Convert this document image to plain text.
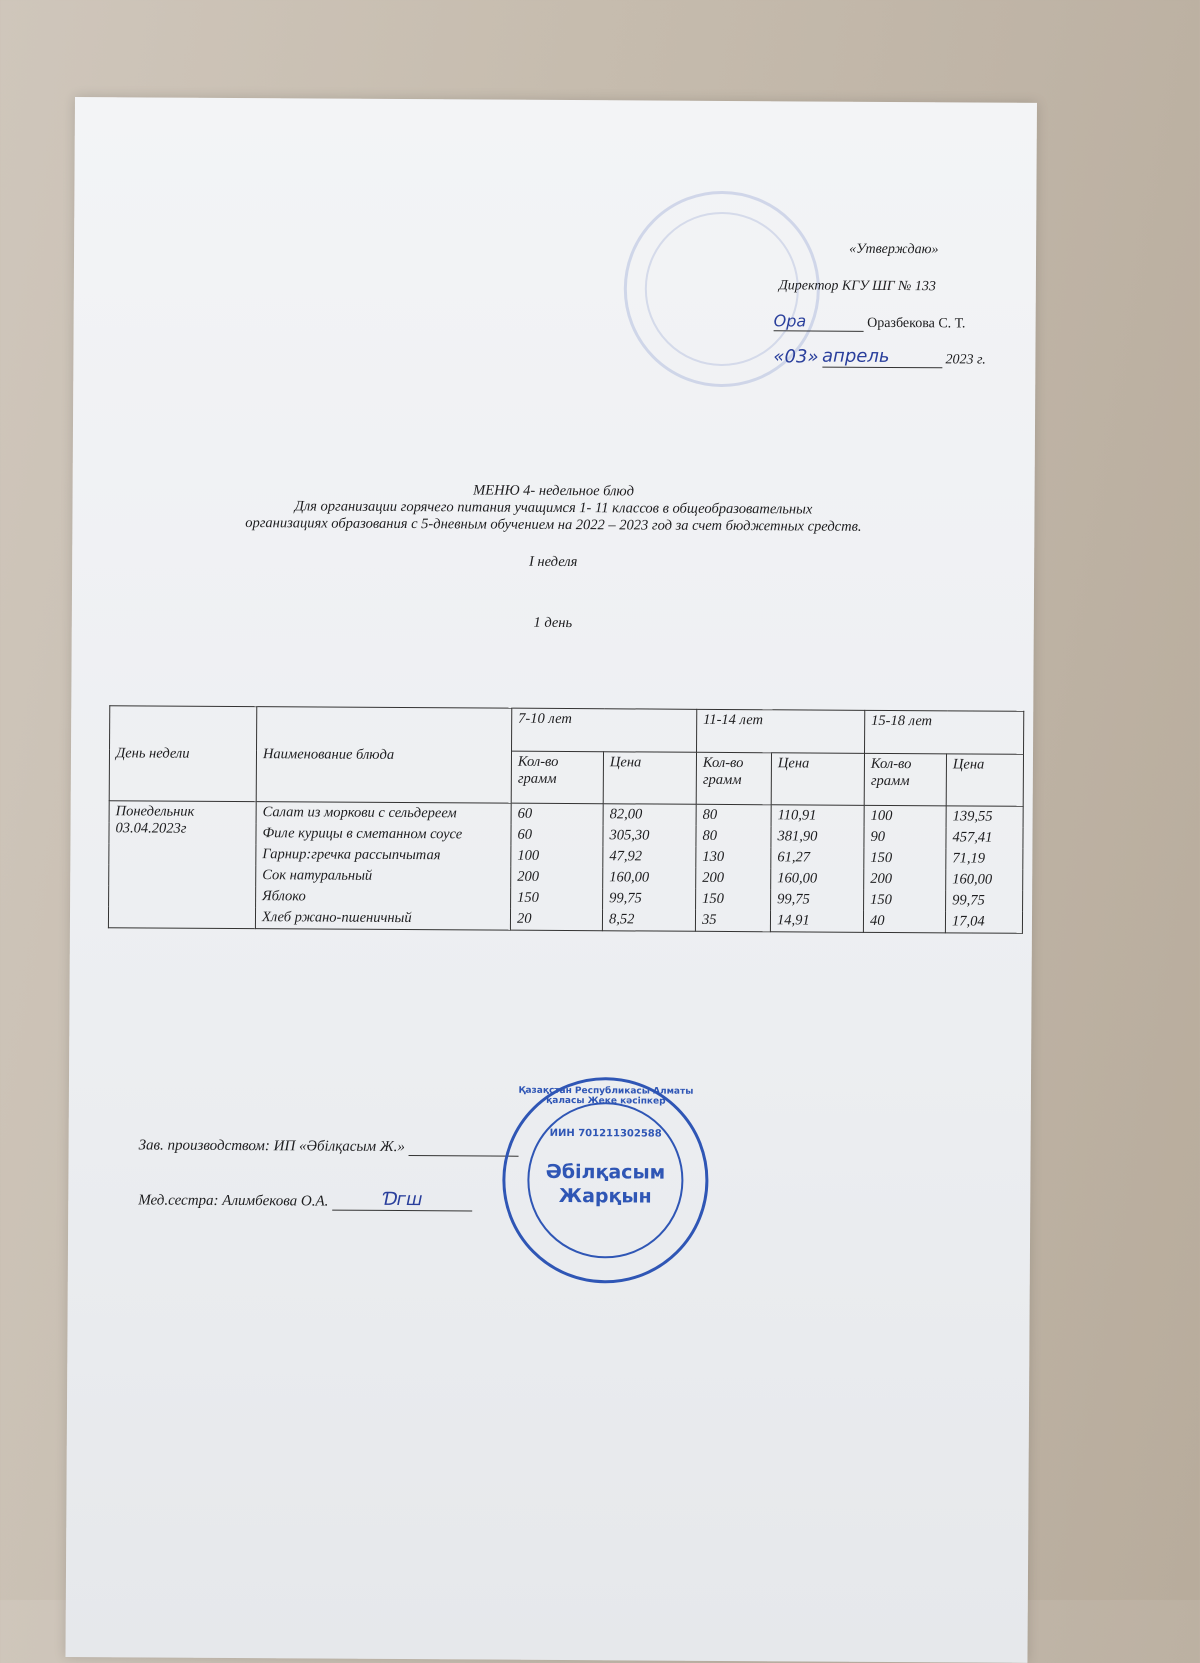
«Утверждаю»
Директор КГУ ШГ № 133
Ора	Оразбекова С. Т.
«03» апрель	2023 г.
МЕНЮ 4- недельное блюд
Для организации горячего питания учащимся 1- 11 классов в общеобразовательных
организациях образования с 5-дневным обучением на 2022 – 2023 год за счет бюджетных средств.
I неделя
1 день
День недели	Наименование блюда	7-10 лет		11-14 лет		15-18 лет	
		Кол-во грамм	Цена	Кол-во грамм	Цена	Кол-во грамм	Цена
Понедельник 03.04.2023г	Салат из моркови с сельдереем	60	82,00	80	110,91	100	139,55
	Филе курицы в сметанном соусе	60	305,30	80	381,90	90	457,41
	Гарнир:гречка рассыпчытая	100	47,92	130	61,27	150	71,19
	Сок натуральный	200	160,00	200	160,00	200	160,00
	Яблоко	150	99,75	150	99,75	150	99,75
	Хлеб ржано-пшеничный	20	8,52	35	14,91	40	17,04
Зав. производством: ИП «Әбілқасым Ж.»
Мед.сестра: Алимбекова О.А.	Ɗгш
Қазақстан Республикасы Алматы қаласы Жеке кәсіпкер
ИИН 701211302588
Әбілқасым Жарқын
